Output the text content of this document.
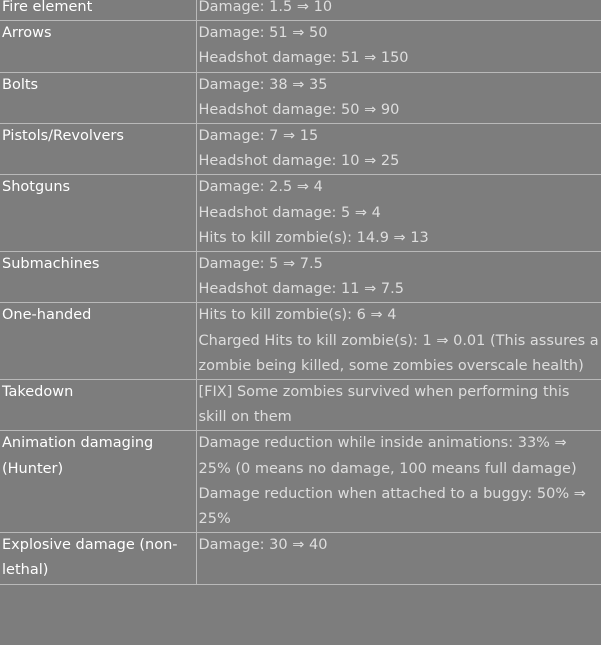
Fire element	Damage: 1.5 ⇒ 10

Arrows	Damage: 51 ⇒ 50
Headshot damage: 51 ⇒ 150

Bolts	Damage: 38 ⇒ 35
Headshot damage: 50 ⇒ 90

Pistols/Revolvers	Damage: 7 ⇒ 15
Headshot damage: 10 ⇒ 25

Shotguns	Damage: 2.5 ⇒ 4
Headshot damage: 5 ⇒ 4
Hits to kill zombie(s): 14.9 ⇒ 13

Submachines	Damage: 5 ⇒ 7.5
Headshot damage: 11 ⇒ 7.5

One-handed	Hits to kill zombie(s): 6 ⇒ 4
Charged Hits to kill zombie(s): 1 ⇒ 0.01 (This assures a zombie being killed, some zombies overscale health)

Takedown	[FIX] Some zombies survived when performing this skill on them

Animation damaging (Hunter)	Damage reduction while inside animations: 33% ⇒ 25% (0 means no damage, 100 means full damage)
Damage reduction when attached to a buggy: 50% ⇒ 25%

Explosive damage (non-lethal)	Damage: 30 ⇒ 40
